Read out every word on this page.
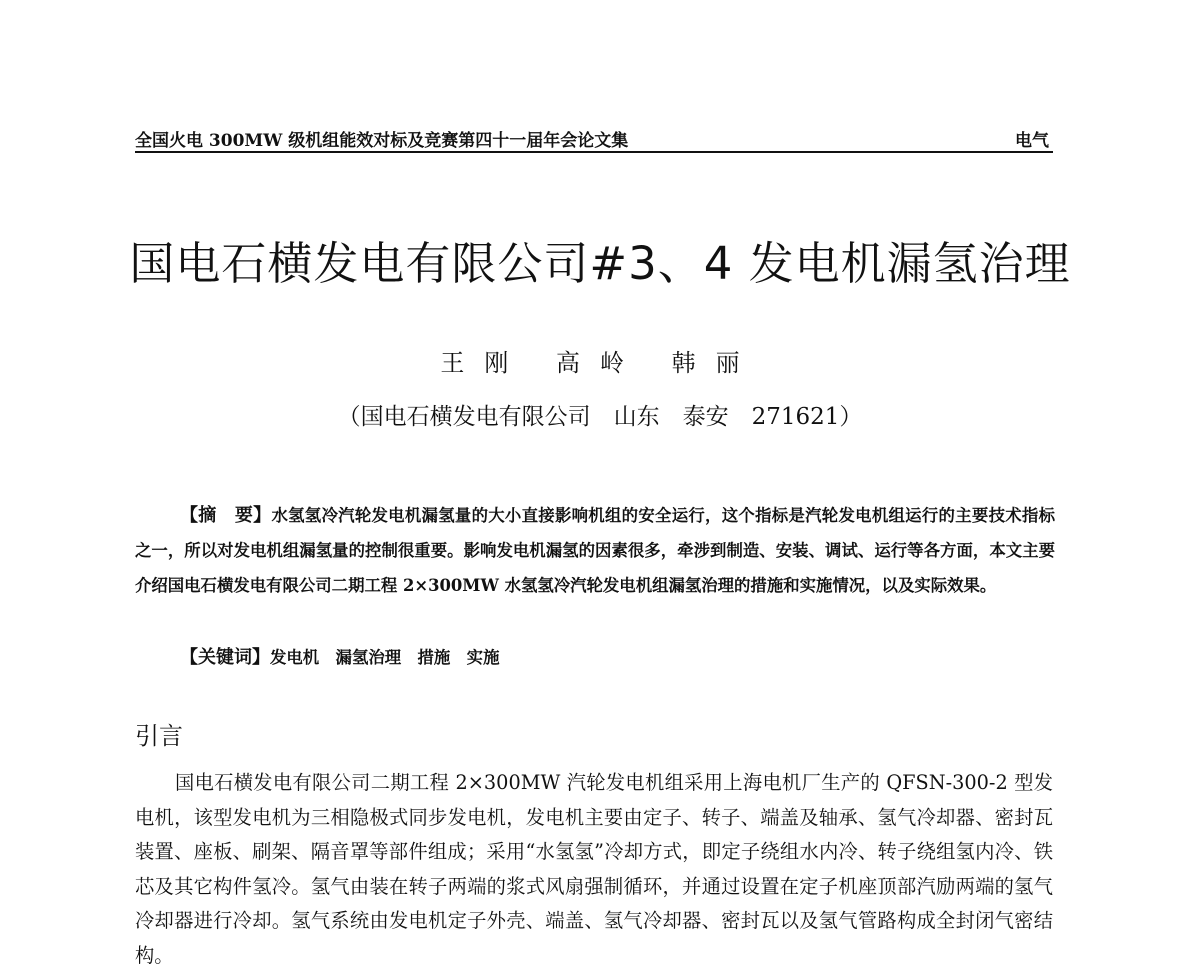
全国火电 300MW 级机组能效对标及竞赛第四十一届年会论文集	电气
国电石横发电有限公司#3、4 发电机漏氢治理
王刚 高岭 韩丽
（国电石横发电有限公司　山东　泰安　271621）

【摘　要】水氢氢冷汽轮发电机漏氢量的大小直接影响机组的安全运行，这个指标是汽轮发电机组运行的主要技术指标之一，所以对发电机组漏氢量的控制很重要。影响发电机漏氢的因素很多，牵涉到制造、安装、调试、运行等各方面，本文主要介绍国电石横发电有限公司二期工程 2×300MW 水氢氢冷汽轮发电机组漏氢治理的措施和实施情况，以及实际效果。

【关键词】发电机　漏氢治理　措施　实施

引言

国电石横发电有限公司二期工程 2×300MW 汽轮发电机组采用上海电机厂生产的 QFSN-300-2 型发电机，该型发电机为三相隐极式同步发电机，发电机主要由定子、转子、端盖及轴承、氢气冷却器、密封瓦装置、座板、刷架、隔音罩等部件组成；采用“水氢氢”冷却方式，即定子绕组水内冷、转子绕组氢内冷、铁芯及其它构件氢冷。氢气由装在转子两端的浆式风扇强制循环，并通过设置在定子机座顶部汽励两端的氢气冷却器进行冷却。氢气系统由发电机定子外壳、端盖、氢气冷却器、密封瓦以及氢气管路构成全封闭气密结构。
